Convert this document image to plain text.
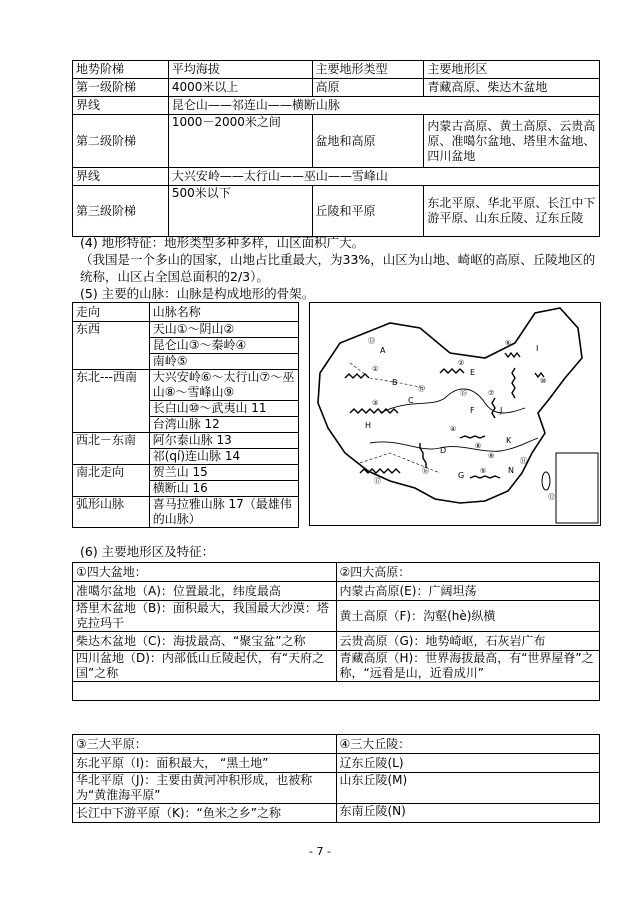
地势阶梯	平均海拔	主要地形类型	主要地形区
第一级阶梯	4000米以上	高原	青藏高原、柴达木盆地
界线	昆仑山——祁连山——横断山脉		
第二级阶梯	1000－2000米之间	盆地和高原	内蒙古高原、黄土高原、云贵高原、准噶尔盆地、塔里木盆地、四川盆地
界线	大兴安岭——太行山——巫山——雪峰山		
第三级阶梯	500米以下	丘陵和平原	东北平原、华北平原、长江中下游平原、山东丘陵、辽东丘陵
(4) 地形特征：地形类型多种多样，山区面积广大。
（我国是一个多山的国家，山地占比重最大，为33%，山区为山地、崎岖的高原、丘陵地区的统称，山区占全国总面积的2/3）。
(5) 主要的山脉：山脉是构成地形的骨架。
走向	山脉名称
东西	天山①～阴山②
昆仑山③～秦岭④
南岭⑤

东北---西南	大兴安岭⑥～太行山⑦～巫山⑧～雪峰山⑨
长白山⑩～武夷山 11
台湾山脉 12

西北－东南	阿尔泰山脉 13
祁(qí)连山脉 14

南北走向	贺兰山 15
横断山 16

弧形山脉	喜马拉雅山脉 17（最雄伟的山脉）
A
B
C
D
E
F
G
H
I
J
K
N
①
②
③
④
⑤
⑥
⑦
⑧
⑨
⑩
⑪
⑫
⑬
⑭	⑮
⑯
⑰
(6) 主要地形区及特征：
①四大盆地：	②四大高原：
准噶尔盆地（A)：位置最北，纬度最高	内蒙古高原(E)：广阔坦荡
塔里木盆地（B)：面积最大，我国最大沙漠：塔克拉玛干	黄土高原（F)：沟壑(hè)纵横
柴达木盆地（C)：海拔最高、“聚宝盆”之称	云贵高原（G)：地势崎岖，石灰岩广布
四川盆地（D)：内部低山丘陵起伏，有“天府之国”之称	青藏高原（H)：世界海拔最高，有“世界屋脊”之称，“远看是山，近看成川”

③三大平原：	④三大丘陵：
东北平原（I)：面积最大， “黑土地”	辽东丘陵(L)
华北平原（J)：主要由黄河冲积形成，也被称为“黄淮海平原”	山东丘陵(M)
长江中下游平原（K)：“鱼米之乡”之称	东南丘陵(N)
- 7 -
